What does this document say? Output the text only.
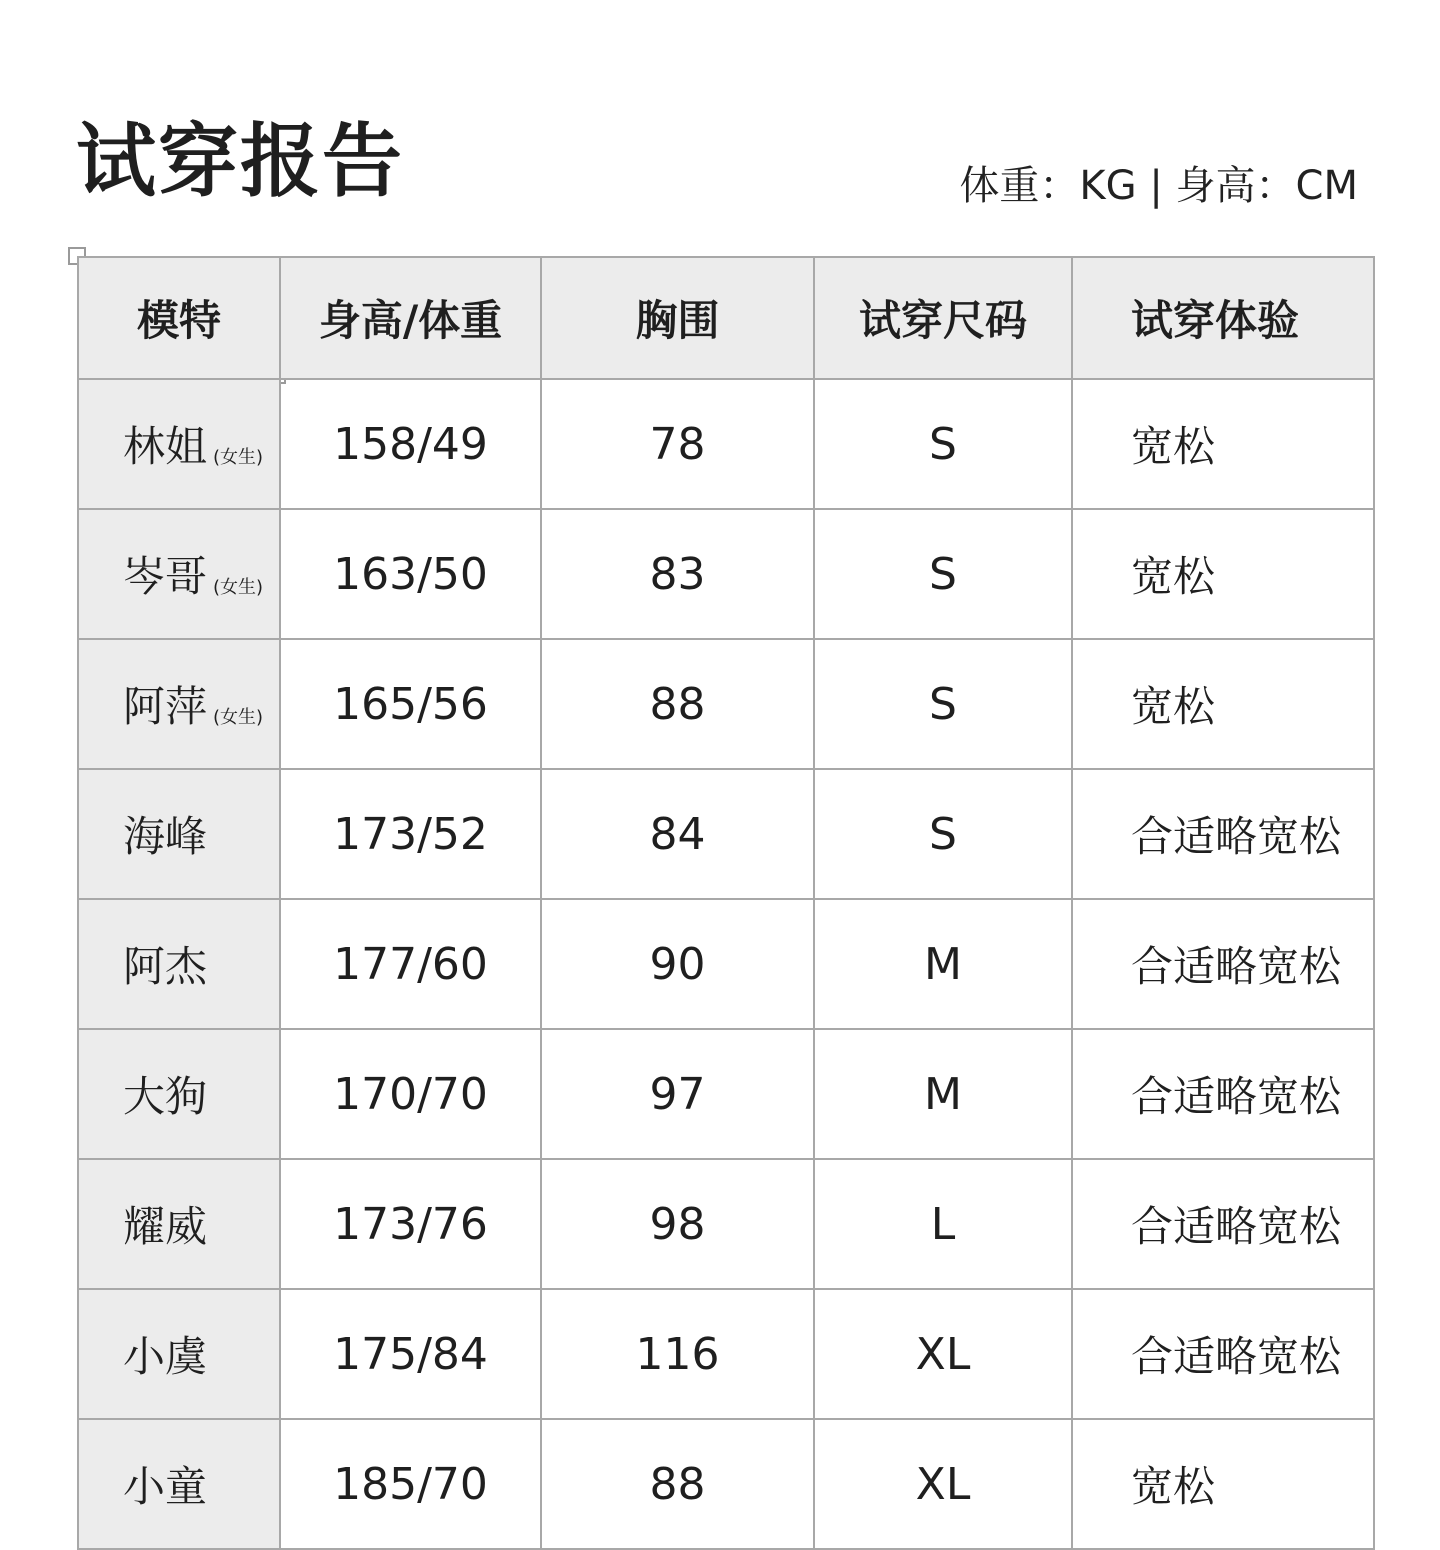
试穿报告	体重：KG | 身高：CM
模特	身高/体重	胸围	试穿尺码	试穿体验
林姐 (女生)	158/49	78	S	宽松
岑哥 (女生)	163/50	83	S	宽松
阿萍 (女生)	165/56	88	S	宽松
海峰	173/52	84	S	合适略宽松
阿杰	177/60	90	M	合适略宽松
大狗	170/70	97	M	合适略宽松
耀威	173/76	98	L	合适略宽松
小虞	175/84	116	XL	合适略宽松
小童	185/70	88	XL	宽松
